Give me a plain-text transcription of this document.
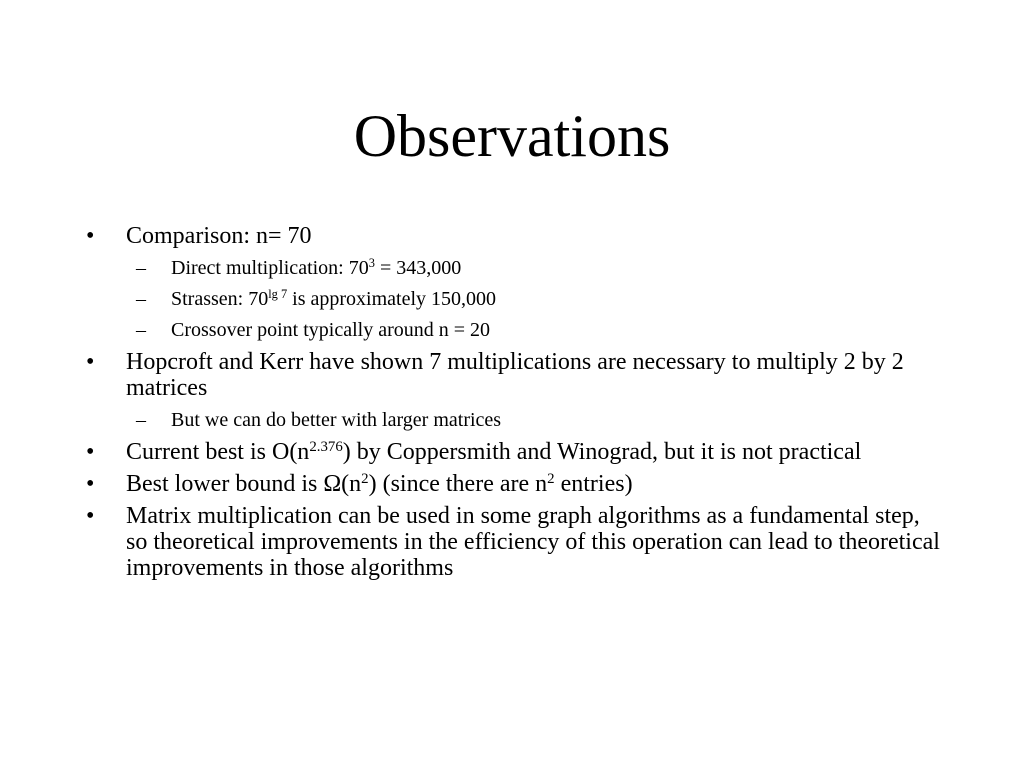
Observations
•	Comparison: n= 70
– Direct multiplication: $70^3 = 343,000$
– Strassen: $70^{lg 7}$ is approximately 150,000
– Crossover point typically around n = 20
•	Hopcroft and Kerr have shown 7 multiplications are necessary to multiply 2 by 2 matrices
– But we can do better with larger matrices
•	Current best is $O(n^{2.376})$ by Coppersmith and Winograd, but it is not practical
•	Best lower bound is $\Omega(n^2)$ (since there are $n^2$ entries)
•	Matrix multiplication can be used in some graph algorithms as a fundamental step, so theoretical improvements in the efficiency of this operation can lead to theoretical improvements in those algorithms
